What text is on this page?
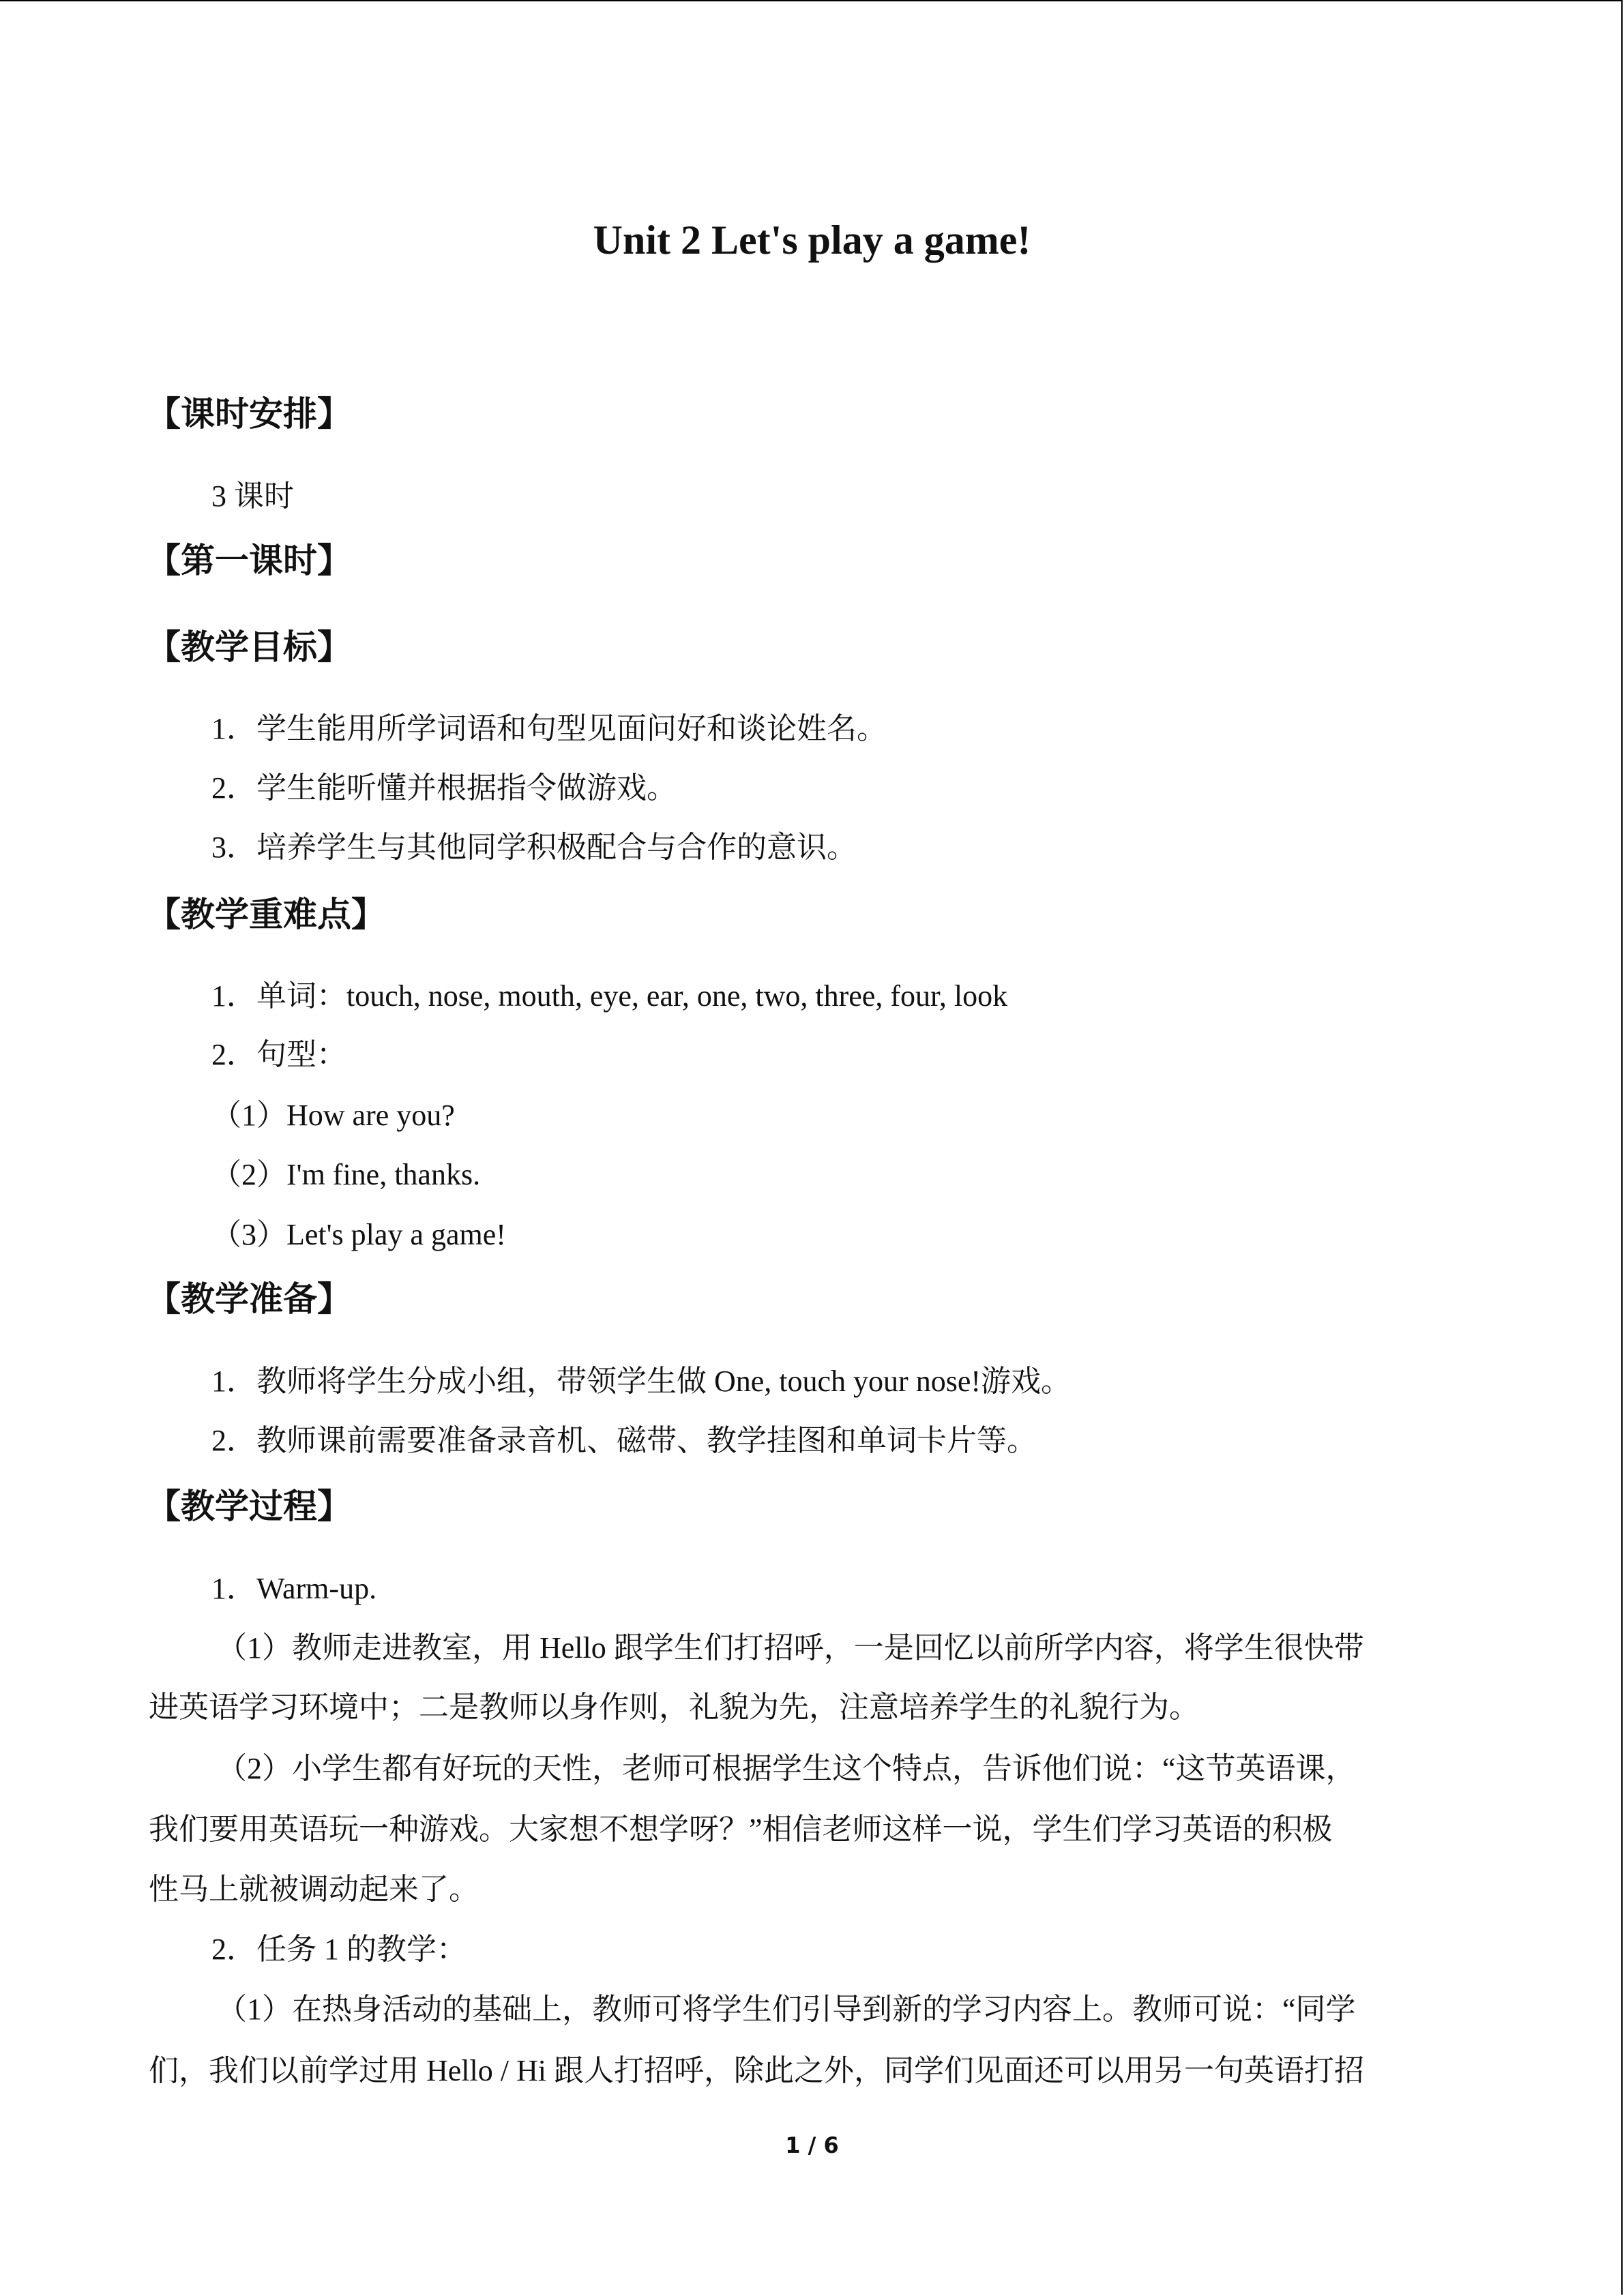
Unit 2 Let's play a game!

【课时安排】

3 课时

【第一课时】

【教学目标】

1．学生能用所学词语和句型见面问好和谈论姓名。

2．学生能听懂并根据指令做游戏。

3．培养学生与其他同学积极配合与合作的意识。

【教学重难点】

1．单词：touch, nose, mouth, eye, ear, one, two, three, four, look

2．句型：

（1）How are you?

（2）I'm fine, thanks.

（3）Let's play a game!

【教学准备】

1．教师将学生分成小组，带领学生做 One, touch your nose!游戏。

2．教师课前需要准备录音机、磁带、教学挂图和单词卡片等。

【教学过程】

1．Warm-up.

（1）教师走进教室，用 Hello 跟学生们打招呼，一是回忆以前所学内容，将学生很快带

进英语学习环境中；二是教师以身作则，礼貌为先，注意培养学生的礼貌行为。

（2）小学生都有好玩的天性，老师可根据学生这个特点，告诉他们说：“这节英语课，

我们要用英语玩一种游戏。大家想不想学呀？”相信老师这样一说，学生们学习英语的积极

性马上就被调动起来了。

2．任务 1 的教学：

（1）在热身活动的基础上，教师可将学生们引导到新的学习内容上。教师可说：“同学

们，我们以前学过用 Hello / Hi 跟人打招呼，除此之外，同学们见面还可以用另一句英语打招

1 / 6
